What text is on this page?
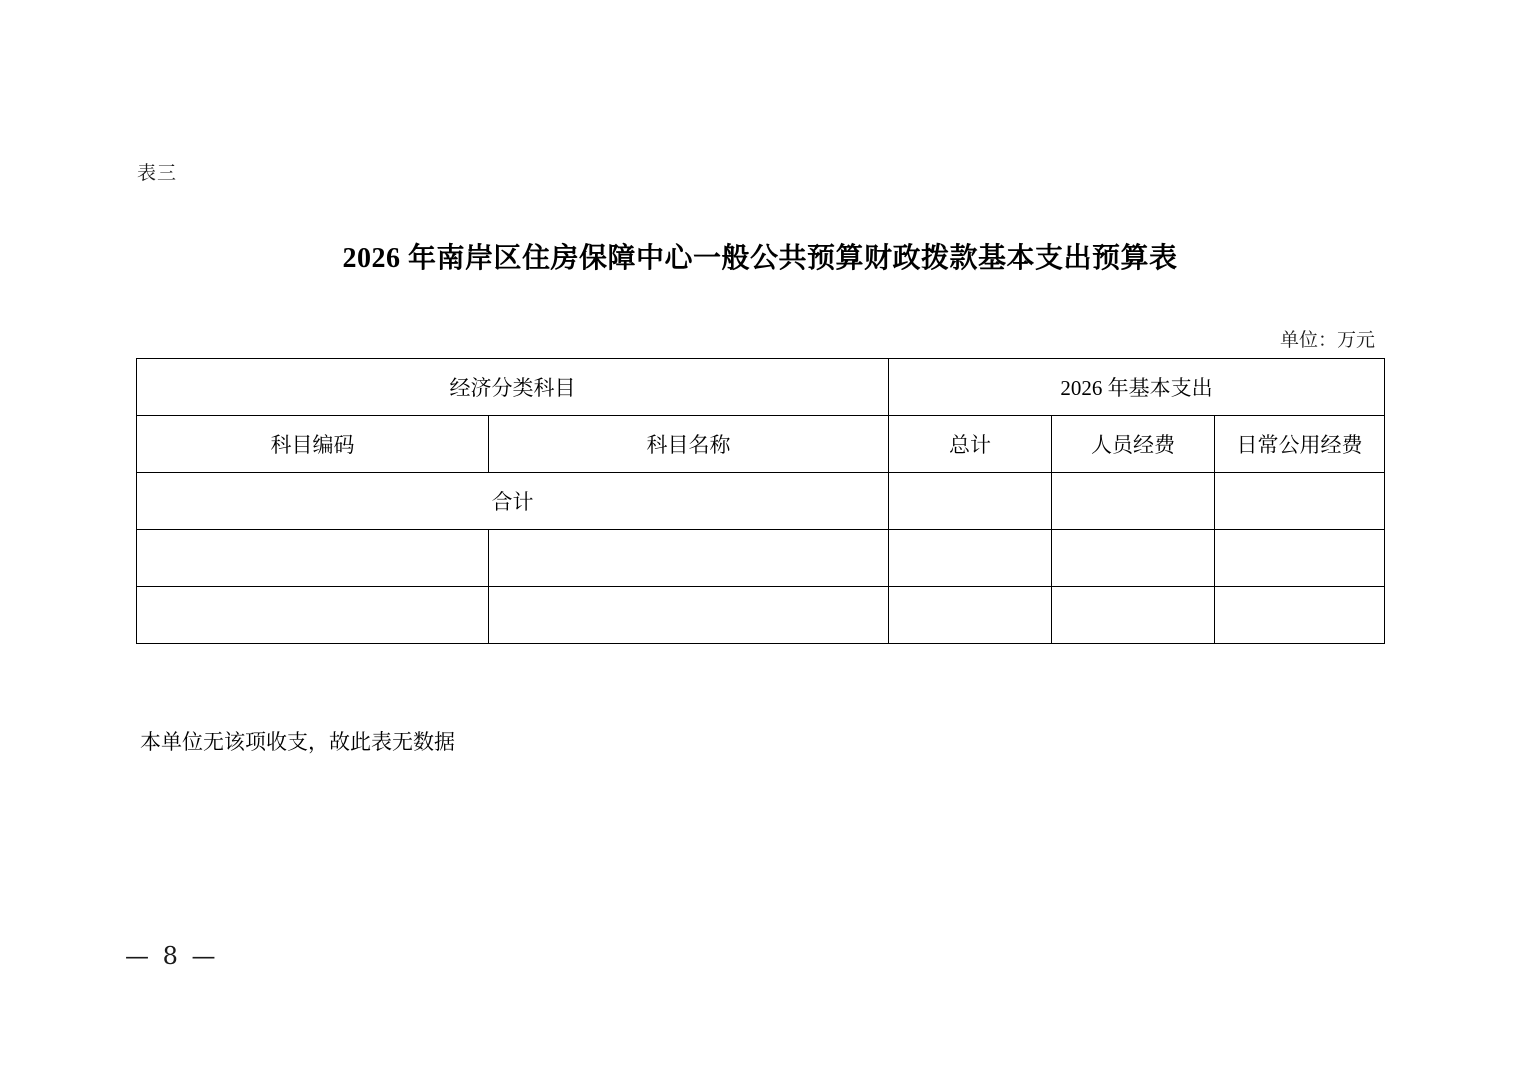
表三
2026 年南岸区住房保障中心一般公共预算财政拨款基本支出预算表
单位：万元
经济分类科目		2026 年基本支出		
科目编码	科目名称	总计	人员经费	日常公用经费
合计				

本单位无该项收支，故此表无数据
— 8 —
